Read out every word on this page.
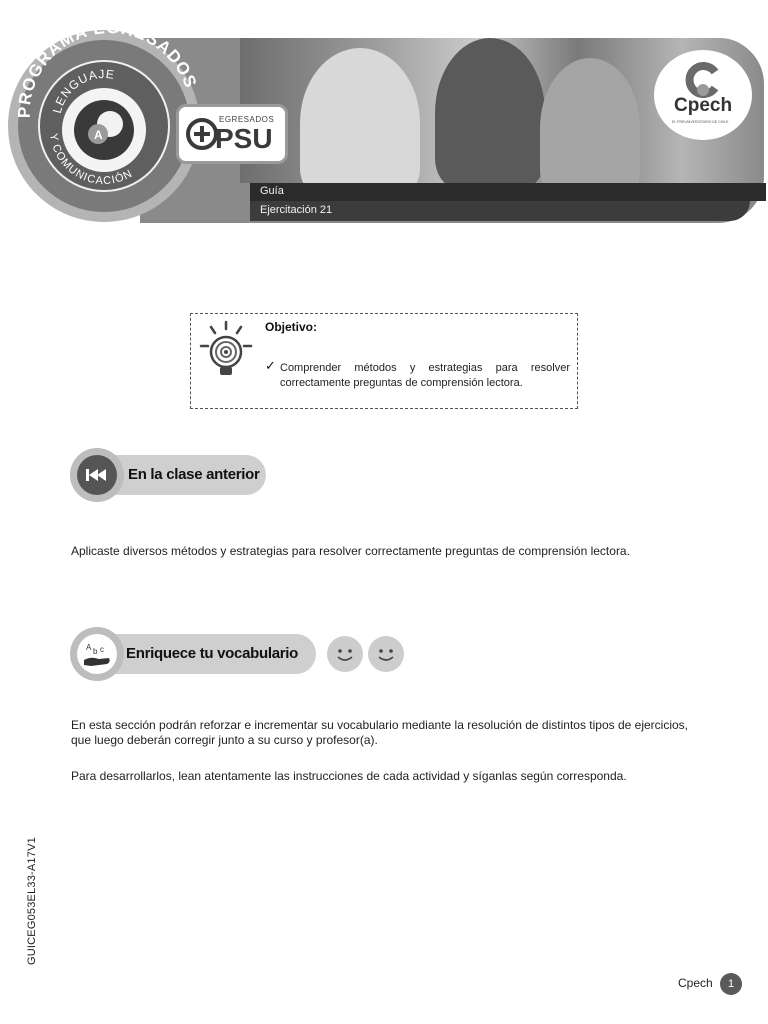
Guía
Ejercitación 21
PROGRAMA EGRESADOS
LENGUAJE
Y COMUNICACIÓN
A
EGRESADOS
PSU
Cpech
EL PREUNIVERSITARIO DE CHILE
Objetivo:
✓ Comprender métodos y estrategias para resolver correctamente preguntas de comprensión lectora.
En la clase anterior

Aplicaste diversos métodos y estrategias para resolver correctamente preguntas de comprensión lectora.

Enriquece tu vocabulario
A b c

En esta sección podrán reforzar e incrementar su vocabulario mediante la resolución de distintos tipos de ejercicios, que luego deberán corregir junto a su curso y profesor(a).

Para desarrollarlos, lean atentamente las instrucciones de cada actividad y síganlas según corresponda.

GUICEG053EL33-A17V1
Cpech	1
